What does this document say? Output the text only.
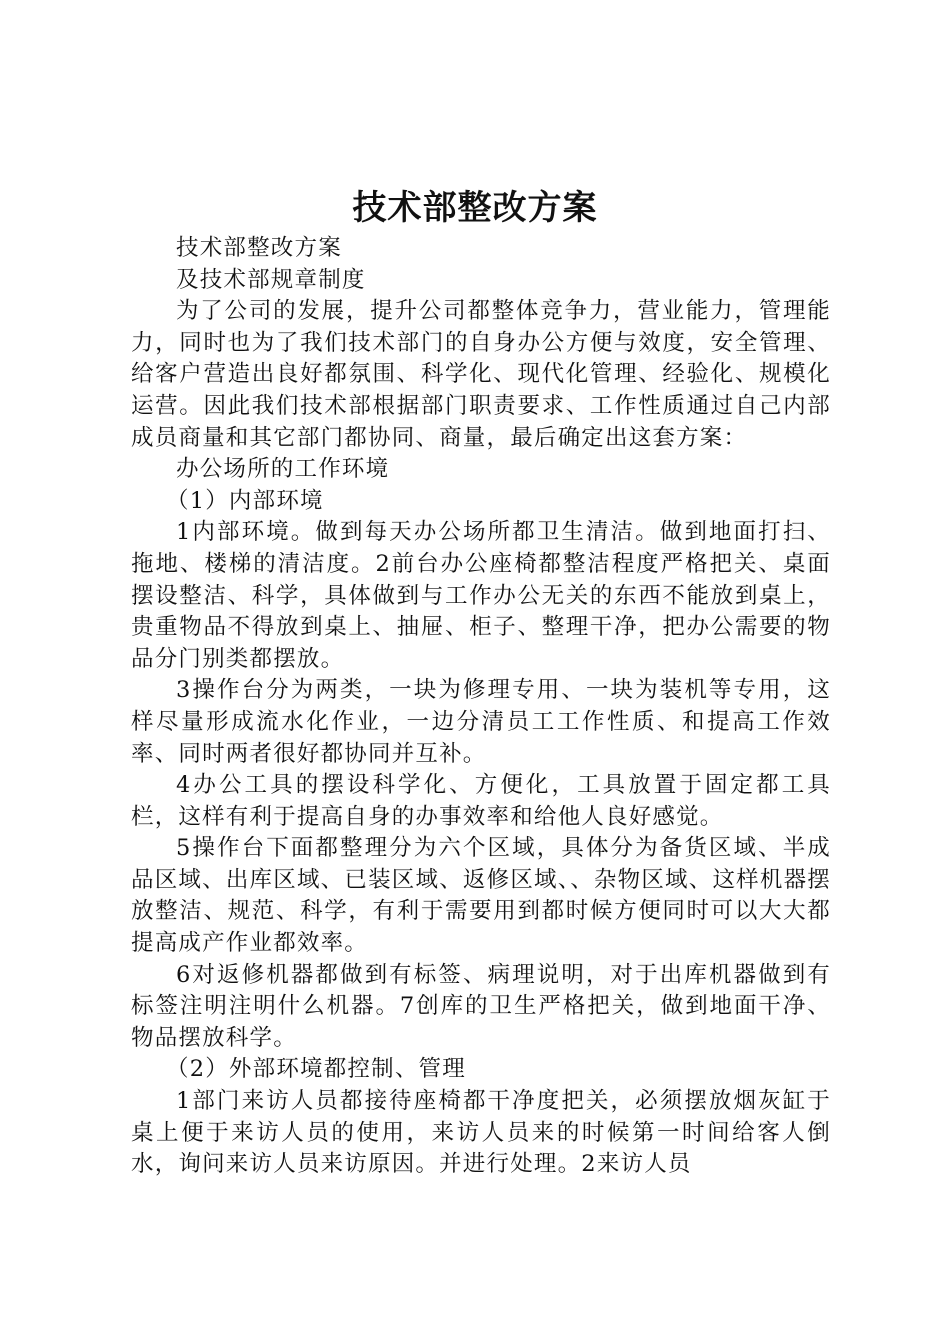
技术部整改方案

技术部整改方案

及技术部规章制度

为了公司的发展，提升公司都整体竞争力，营业能力，管理能力，同时也为了我们技术部门的自身办公方便与效度，安全管理、给客户营造出良好都氛围、科学化、现代化管理、经验化、规模化运营。因此我们技术部根据部门职责要求、工作性质通过自己内部成员商量和其它部门都协同、商量，最后确定出这套方案：

办公场所的工作环境

（1）内部环境

1内部环境。做到每天办公场所都卫生清洁。做到地面打扫、拖地、楼梯的清洁度。2前台办公座椅都整洁程度严格把关、桌面摆设整洁、科学，具体做到与工作办公无关的东西不能放到桌上，贵重物品不得放到桌上、抽屉、柜子、整理干净，把办公需要的物品分门别类都摆放。

3操作台分为两类，一块为修理专用、一块为装机等专用，这样尽量形成流水化作业，一边分清员工工作性质、和提高工作效率、同时两者很好都协同并互补。

4办公工具的摆设科学化、方便化，工具放置于固定都工具栏，这样有利于提高自身的办事效率和给他人良好感觉。

5操作台下面都整理分为六个区域，具体分为备货区域、半成品区域、出库区域、已装区域、返修区域、、杂物区域、这样机器摆放整洁、规范、科学，有利于需要用到都时候方便同时可以大大都提高成产作业都效率。

6对返修机器都做到有标签、病理说明，对于出库机器做到有标签注明注明什么机器。7创库的卫生严格把关，做到地面干净、物品摆放科学。

（2）外部环境都控制、管理

1部门来访人员都接待座椅都干净度把关，必须摆放烟灰缸于桌上便于来访人员的使用，来访人员来的时候第一时间给客人倒水，询问来访人员来访原因。并进行处理。2来访人员
